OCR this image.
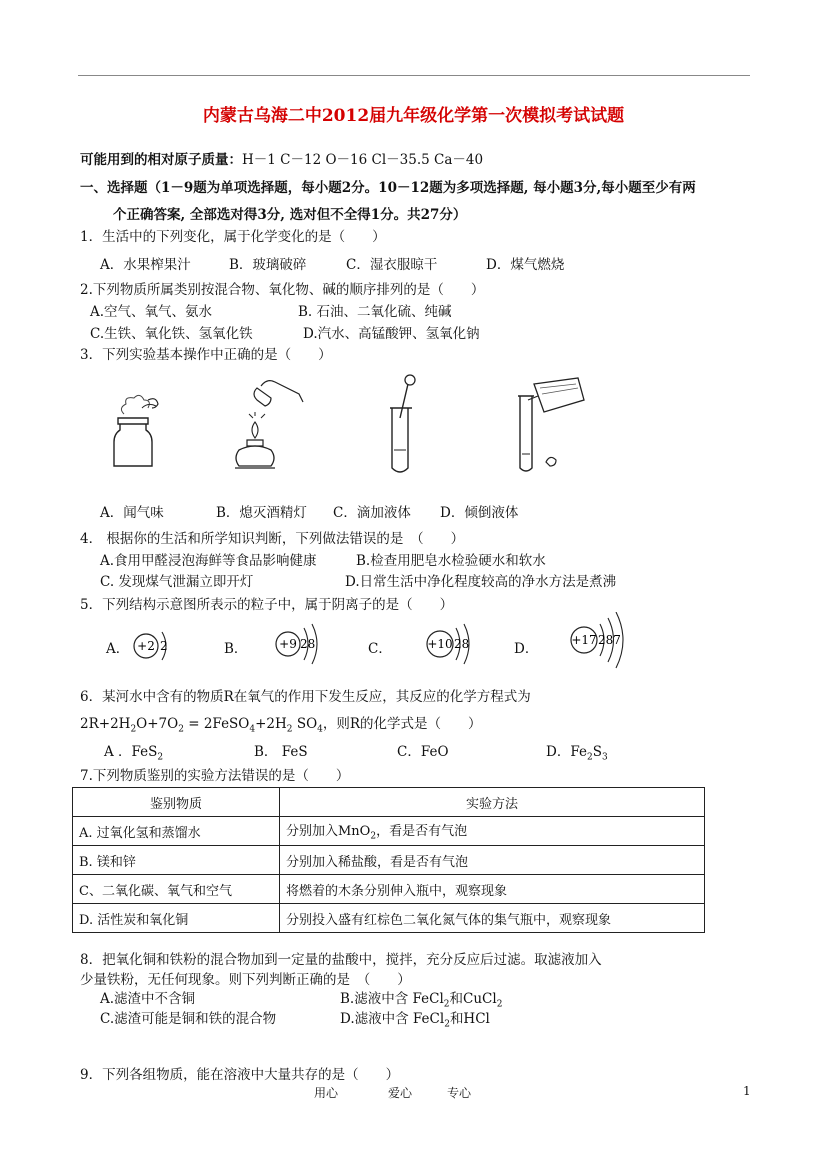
内蒙古乌海二中2012届九年级化学第一次模拟考试试题
可能用到的相对原子质量：H－1 C－12 O－16 Cl－35.5 Ca－40
一、选择题（1－9题为单项选择题，每小题2分。10－12题为多项选择题, 每小题3分,每小题至少有两
个正确答案, 全部选对得3分, 选对但不全得1分。共27分）
1．生活中的下列变化，属于化学变化的是（　　）
A．水果榨果汁	B．玻璃破碎	C．湿衣服晾干	D．煤气燃烧
2.下列物质所属类别按混合物、氧化物、碱的顺序排列的是（　　）
A.空气、氧气、氨水	B. 石油、二氧化硫、纯碱
C.生铁、氧化铁、氢氧化铁	D.汽水、高锰酸钾、氢氧化钠
3．下列实验基本操作中正确的是（　　）
A．闻气味	B．熄灭酒精灯 C．滴加液体 D．倾倒液体
4． 根据你的生活和所学知识判断，下列做法错误的是　（　　）
A.食用甲醛浸泡海鲜等食品影响健康	B.检查用肥皂水检验硬水和软水
C. 发现煤气泄漏立即开灯	D.日常生活中净化程度较高的净水方法是煮沸
5．下列结构示意图所表示的粒子中，属于阴离子的是（　　）
A． +2 2	B．	+9 28	C．	+10 28	D．
+17 287
6．某河水中含有的物质R在氧气的作用下发生反应，其反应的化学方程式为
$2R+2H_2O+7O_2$ = $2FeSO_4+2H_2$ $SO_4$，则R的化学式是（　　）
A ．FeS$_2$	B． FeS	C．FeO	D．$Fe_2S_3$
7.下列物质鉴别的实验方法错误的是（　　）
鉴别物质	实验方法
A. 过氧化氢和蒸馏水	分别加入MnO$_2$，看是否有气泡
B. 镁和锌	分别加入稀盐酸，看是否有气泡
C、二氧化碳、氧气和空气	将燃着的木条分别伸入瓶中，观察现象
D. 活性炭和氧化铜	分别投入盛有红棕色二氧化氮气体的集气瓶中，观察现象
8．把氧化铜和铁粉的混合物加到一定量的盐酸中，搅拌，充分反应后过滤。取滤液加入
少量铁粉，无任何现象。则下列判断正确的是　（　　）
A.滤渣中不含铜	B.滤液中含 FeCl$_2$和CuCl$_2$
C.滤渣可能是铜和铁的混合物	D.滤液中含 FeCl$_2$和HCl
9．下列各组物质，能在溶液中大量共存的是（　　）
用心	爱心	专心	1
